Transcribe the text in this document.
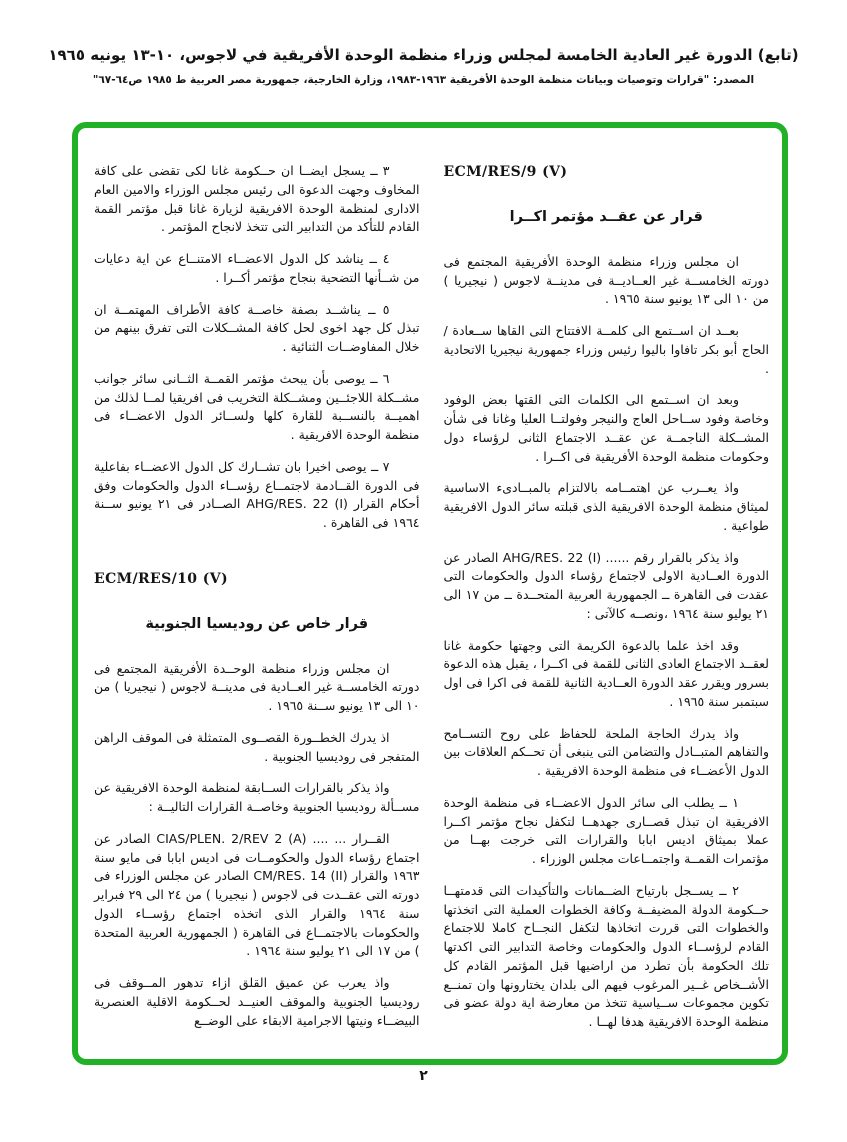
(تابع) الدورة غير العادية الخامسة لمجلس وزراء منظمة الوحدة الأفريقية في لاجوس، ١٠-١٣ يونيه ١٩٦٥
المصدر: "قرارات وتوصيات وبيانات منظمة الوحدة الأفريقية ١٩٦٣-١٩٨٣، وزارة الخارجية، جمهورية مصر العربية ط ١٩٨٥ ص٦٤-٦٧"
ECM/RES/9 (V)
قرار عن عقــد مؤتمر اكــرا

ان مجلس وزراء منظمة الوحدة الأفريقية المجتمع فى دورته الخامســة غير العــاديــة فى مدينــة لاجوس ( نيجيريا ) من ١٠ الى ١٣ يونيو سنة ١٩٦٥ .

بعــد ان اســتمع الى كلمــة الافتتاح التى القاها ســعادة / الحاج أبو بكر تافاوا باليوا رئيس وزراء جمهورية نيجيريا الاتحادية .

وبعد ان اســتمع الى الكلمات التى القتها بعض الوفود وخاصة وفود ســاحل العاج والنيجر وفولتــا العليا وغانا فى شأن المشــكلة الناجمــة عن عقــد الاجتماع الثانى لرؤساء دول وحكومات منظمة الوحدة الأفريقية فى اكــرا .

واذ يعــرب عن اهتمــامه بالالتزام بالمبــادىء الاساسية لميثاق منظمة الوحدة الافريقية الذى قبلته سائر الدول الافريقية طواعية .

واذ يذكر بالقرار رقم ...... AHG/RES. 22 (I) الصادر عن الدورة العــادية الاولى لاجتماع رؤساء الدول والحكومات التى عقدت فى القاهرة ــ الجمهورية العربية المتحــدة ــ من ١٧ الى ٢١ يوليو سنة ١٩٦٤ ،ونصــه كالآتى :

وقد اخذ علما بالدعوة الكريمة التى وجهتها حكومة غانا لعقــد الاجتماع العادى الثانى للقمة فى اكــرا ، يقبل هذه الدعوة بسرور ويقرر عقد الدورة العــادية الثانية للقمة فى اكرا فى اول سبتمبر سنة ١٩٦٥ .

واذ يدرك الحاجة الملحة للحفاظ على روح التســامح والتفاهم المتبــادل والتضامن التى ينبغى أن تحــكم العلاقات بين الدول الأعضــاء فى منظمة الوحدة الافريقية .

١ ــ يطلب الى سائر الدول الاعضــاء فى منظمة الوحدة الافريقية ان تبذل قصــارى جهدهــا لتكفل نجاح مؤتمر اكــرا عملا بميثاق اديس ابابا والقرارات التى خرجت بهــا من مؤتمرات القمــة واجتمــاعات مجلس الوزراء .

٢ ــ يســجل بارتياح الضــمانات والتأكيدات التى قدمتهــا حــكومة الدولة المضيفــة وكافة الخطوات العملية التى اتخذتها والخطوات التى قررت اتخاذها لتكفل النجــاح كاملا للاجتماع القادم لرؤســاء الدول والحكومات وخاصة التدابير التى اكدتها تلك الحكومة بأن تطرد من اراضيها قبل المؤتمر القادم كل الأشــخاص غــير المرغوب فيهم الى بلدان يختارونها وان تمنــع تكوين مجموعات ســياسية تتخذ من معارضة اية دولة عضو فى منظمة الوحدة الافريقية هدفا لهــا .

٣ ــ يسجل ايضــا ان حــكومة غانا لكى تقضى على كافة المخاوف وجهت الدعوة الى رئيس مجلس الوزراء والامين العام الادارى لمنظمة الوحدة الافريقية لزيارة غانا قبل مؤتمر القمة القادم للتأكد من التدابير التى تتخذ لانجاح المؤتمر .

٤ ــ يناشد كل الدول الاعضــاء الامتنــاع عن اية دعايات من شــأنها التضحية بنجاح مؤتمر أكــرا .

٥ ــ يناشــد بصفة خاصــة كافة الأطراف المهتمــة ان تبذل كل جهد اخوى لحل كافة المشــكلات التى تفرق بينهم من خلال المفاوضــات الثنائية .

٦ ــ يوصى بأن يبحث مؤتمر القمــة الثــانى سائر جوانب مشــكلة اللاجئــين ومشــكلة التخريب فى افريقيا لمــا لذلك من اهميــة بالنســبة للقارة كلها ولســائر الدول الاعضــاء فى منظمة الوحدة الافريقية .

٧ ــ يوصى اخيرا بان تشــارك كل الدول الاعضــاء بفاعلية فى الدورة القــادمة لاجتمــاع رؤســاء الدول والحكومات وفق أحكام القرار AHG/RES. 22 (I) الصــادر فى ٢١ يونيو ســنة ١٩٦٤ فى القاهرة .

ECM/RES/10 (V)
قرار خاص عن روديسيا الجنوبية

ان مجلس وزراء منظمة الوحــدة الأفريقية المجتمع فى دورته الخامســة غير العــادية فى مدينــة لاجوس ( نيجيريا ) من ١٠ الى ١٣ يونيو ســنة ١٩٦٥ .

اذ يدرك الخطــورة القصــوى المتمثلة فى الموقف الراهن المتفجر فى روديسيا الجنوبية .

واذ يذكر بالقرارات الســابقة لمنظمة الوحدة الافريقية عن مســألة روديسيا الجنوبية وخاصــة القرارات التاليــة :

القــرار ... .... CIAS/PLEN. 2/REV 2 (A) الصادر عن اجتماع رؤساء الدول والحكومــات فى اديس ابابا فى مايو سنة ١٩٦٣ والقرار CM/RES. 14 (II) الصادر عن مجلس الوزراء فى دورته التى عقــدت فى لاجوس ( نيجيريا ) من ٢٤ الى ٢٩ فبراير سنة ١٩٦٤ والقرار الذى اتخذه اجتماع رؤســاء الدول والحكومات بالاجتمــاع فى القاهرة ( الجمهورية العربية المتحدة ) من ١٧ الى ٢١ يوليو سنة ١٩٦٤ .

واذ يعرب عن عميق القلق ازاء تدهور المــوقف فى روديسيا الجنوبية والموقف العنيــد لحــكومة الاقلية العنصرية البيضــاء ونيتها الاجرامية الابقاء على الوضــع

٢
